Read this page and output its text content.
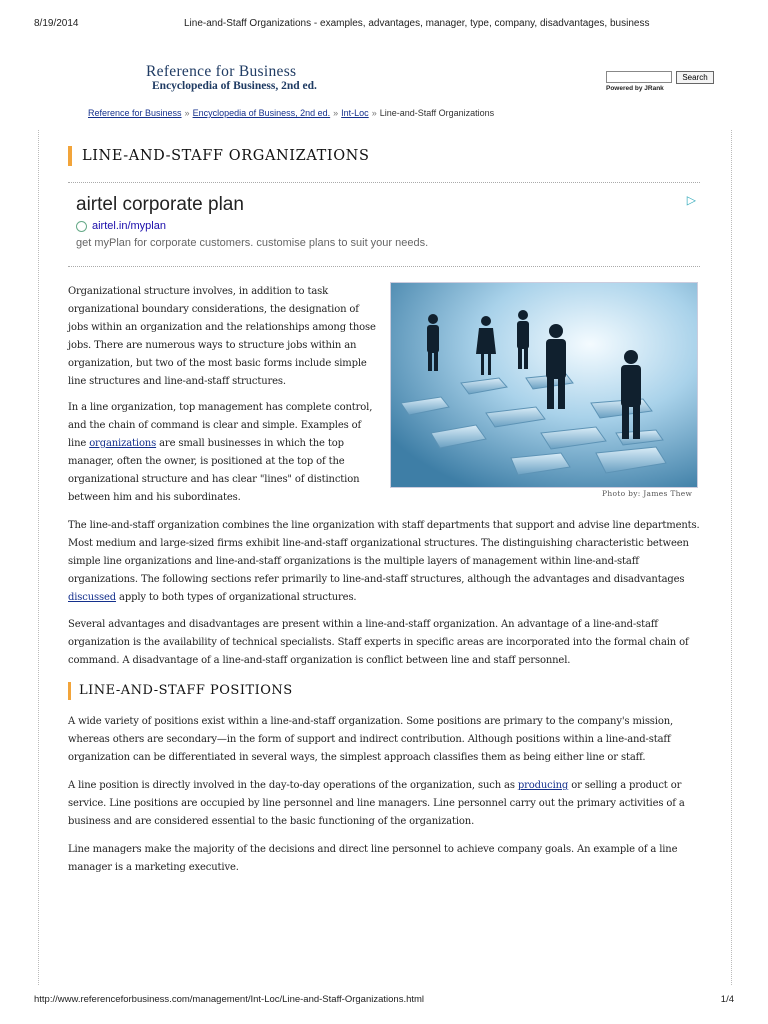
8/19/2014	Line-and-Staff Organizations - examples, advantages, manager, type, company, disadvantages, business
Reference for Business
Encyclopedia of Business, 2nd ed.
Search
Powered by JRank
Reference for Business » Encyclopedia of Business, 2nd ed. » Int-Loc » Line-and-Staff Organizations
LINE-AND-STAFF ORGANIZATIONS
airtel corporate plan
airtel.in/myplan
get myPlan for corporate customers. customise plans to suit your needs.
▷

Organizational structure involves, in addition to task organizational boundary considerations, the designation of jobs within an organization and the relationships among those jobs. There are numerous ways to structure jobs within an organization, but two of the most basic forms include simple line structures and line-and-staff structures.

In a line organization, top management has complete control, and the chain of command is clear and simple. Examples of line organizations are small businesses in which the top manager, often the owner, is positioned at the top of the organizational structure and has clear "lines" of distinction between him and his subordinates.	Photo by: James Thew

The line-and-staff organization combines the line organization with staff departments that support and advise line departments. Most medium and large-sized firms exhibit line-and-staff organizational structures. The distinguishing characteristic between simple line organizations and line-and-staff organizations is the multiple layers of management within line-and-staff organizations. The following sections refer primarily to line-and-staff structures, although the advantages and disadvantages discussed apply to both types of organizational structures.

Several advantages and disadvantages are present within a line-and-staff organization. An advantage of a line-and-staff organization is the availability of technical specialists. Staff experts in specific areas are incorporated into the formal chain of command. A disadvantage of a line-and-staff organization is conflict between line and staff personnel.

LINE-AND-STAFF POSITIONS

A wide variety of positions exist within a line-and-staff organization. Some positions are primary to the company's mission, whereas others are secondary—in the form of support and indirect contribution. Although positions within a line-and-staff organization can be differentiated in several ways, the simplest approach classifies them as being either line or staff.

A line position is directly involved in the day-to-day operations of the organization, such as producing or selling a product or service. Line positions are occupied by line personnel and line managers. Line personnel carry out the primary activities of a business and are considered essential to the basic functioning of the organization.

Line managers make the majority of the decisions and direct line personnel to achieve company goals. An example of a line manager is a marketing executive.

http://www.referenceforbusiness.com/management/Int-Loc/Line-and-Staff-Organizations.html	1/4
